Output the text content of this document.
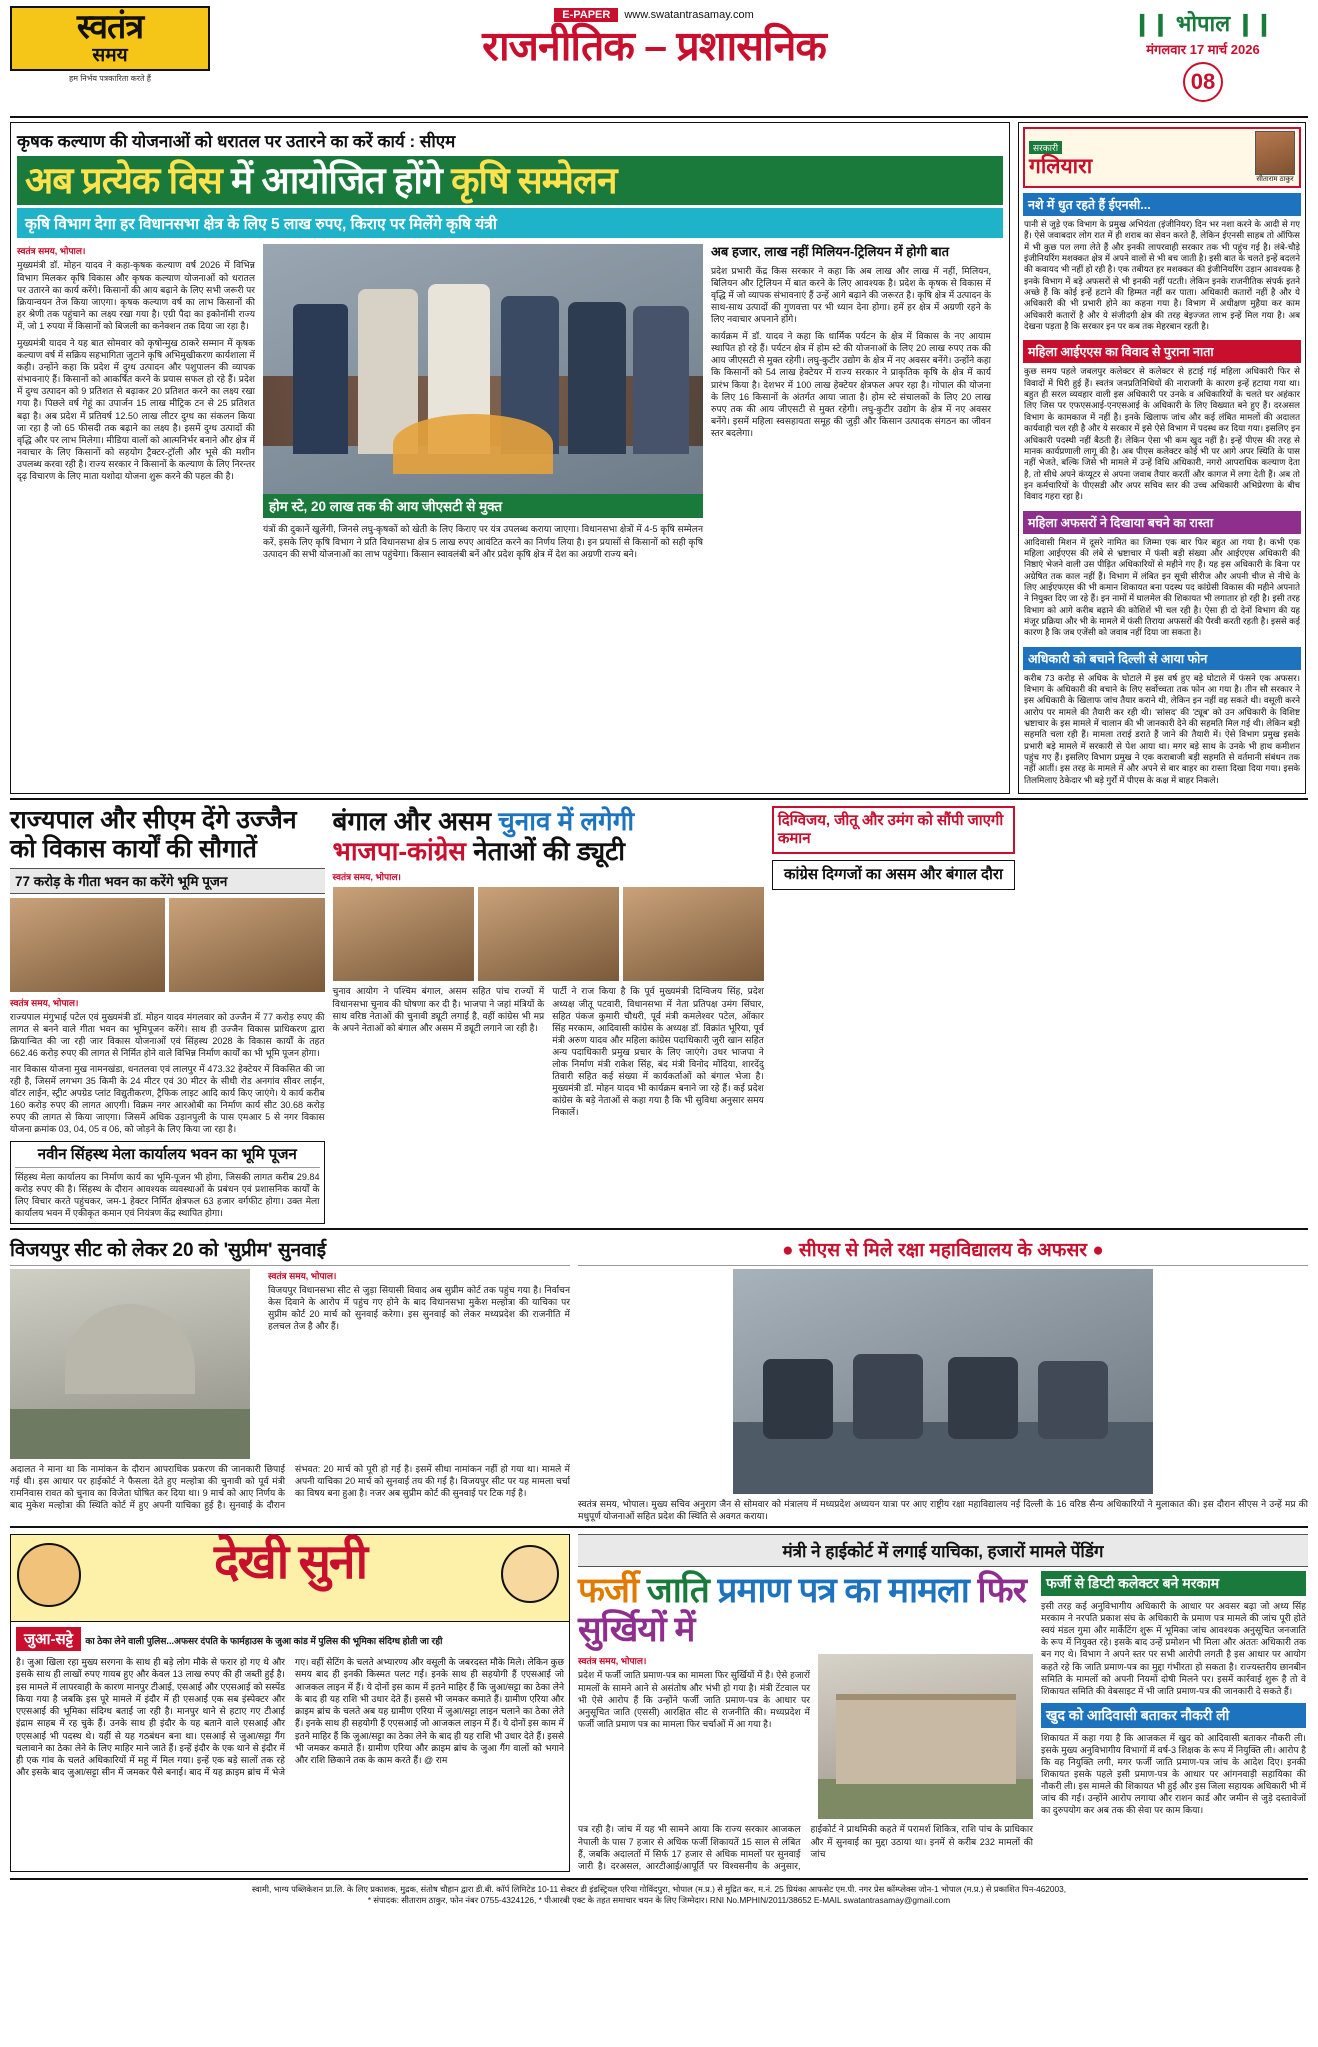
स्वतंत्र
समय
हम निर्भय पत्रकारिता करते हैं
E-PAPER	www.swatantrasamay.com
राजनीतिक – प्रशासनिक	❙❙ भोपाल ❙❙
मंगलवार 17 मार्च 2026
08
कृषक कल्याण की योजनाओं को धरातल पर उतारने का करें कार्य : सीएम
अब प्रत्येक विस में आयोजित होंगे कृषि सम्मेलन
कृषि विभाग देगा हर विधानसभा क्षेत्र के लिए 5 लाख रुपए, किराए पर मिलेंगे कृषि यंत्री
स्वतंत्र समय, भोपाल।
मुख्यमंत्री डॉ. मोहन यादव ने कहा-कृषक कल्याण वर्ष 2026 में विभिन्न विभाग मिलकर कृषि विकास और कृषक कल्याण योजनाओं को धरातल पर उतारने का कार्य करेंगे। किसानों की आय बढ़ाने के लिए सभी जरूरी पर क्रियान्वयन तेज किया जाएगा। कृषक कल्याण वर्ष का लाभ किसानों की हर श्रेणी तक पहुंचाने का लक्ष्य रखा गया है। एग्री पैदा का इकोनॉमी राज्य में, जो 1 रुपया में किसानों को बिजली का कनेक्शन तक दिया जा रहा है।
मुख्यमंत्री यादव ने यह बात सोमवार को कृषोन्मुख ठाकरे सम्मान में कृषक कल्याण वर्ष में सक्रिय सहभागिता जुटाने कृषि अभिमुखीकरण कार्यशाला में कही। उन्होंने कहा कि प्रदेश में दुग्ध उत्पादन और पशुपालन की व्यापक संभावनाएं हैं। किसानों को आकर्षित करने के प्रयास सफल हो रहे हैं। प्रदेश में दुग्ध उत्पादन को 9 प्रतिशत से बढ़ाकर 20 प्रतिशत करने का लक्ष्य रखा गया है। पिछले वर्ष गेहूं का उपार्जन 15 लाख मीट्रिक टन से 25 प्रतिशत बढ़ा है। अब प्रदेश में प्रतिवर्ष 12.50 लाख लीटर दुग्ध का संकलन किया जा रहा है जो 65 फीसदी तक बढ़ाने का लक्ष्य है। इसमें दुग्ध उत्पादों की वृद्धि और पर लाभ मिलेगा। मीडिया वालों को आत्मनिर्भर बनाने और क्षेत्र में नवाचार के लिए किसानों को सहयोग ट्रैक्टर-ट्रॉली और भूसे की मशीन उपलब्ध करवा रही है। राज्य सरकार ने किसानों के कल्याण के लिए निरन्तर दृढ़ विचारण के लिए माता यशोदा योजना शुरू करने की पहल की है।
होम स्टे, 20 लाख तक की आय जीएसटी से मुक्त
यंत्रों की दुकानें खुलेंगी, जिनसे लघु-कृषकों को खेती के लिए किराए पर यंत्र उपलब्ध कराया जाएगा। विधानसभा क्षेत्रों में 4-5 कृषि सम्मेलन करें, इसके लिए कृषि विभाग ने प्रति विधानसभा क्षेत्र 5 लाख रुपए आवंटित करने का निर्णय लिया है। इन प्रयासों से किसानों को सही कृषि उत्पादन की सभी योजनाओं का लाभ पहुंचेगा। किसान स्वावलंबी बनें और प्रदेश कृषि क्षेत्र में देश का अग्रणी राज्य बने।
अब हजार, लाख नहीं मिलियन-ट्रिलियन में होगी बात
प्रदेश प्रभारी केंद्र किस सरकार ने कहा कि अब लाख और लाख में नहीं, मिलियन, बिलियन और ट्रिलियन में बात करने के लिए आवश्यक है। प्रदेश के कृषक से विकास में वृद्धि में जो व्यापक संभावनाएं हैं उन्हें आगे बढ़ाने की जरूरत है। कृषि क्षेत्र में उत्पादन के साथ-साथ उत्पादों की गुणवत्ता पर भी ध्यान देना होगा। हमें हर क्षेत्र में अग्रणी रहने के लिए नवाचार अपनाने होंगे।
कार्यक्रम में डॉ. यादव ने कहा कि धार्मिक पर्यटन के क्षेत्र में विकास के नए आयाम स्थापित हो रहे हैं। पर्यटन क्षेत्र में होम स्टे की योजनाओं के लिए 20 लाख रुपए तक की आय जीएसटी से मुक्त रहेगी। लघु-कुटीर उद्योग के क्षेत्र में नए अवसर बनेंगे। उन्होंने कहा कि किसानों को 54 लाख हेक्टेयर में राज्य सरकार ने प्राकृतिक कृषि के क्षेत्र में कार्य प्रारंभ किया है। देशभर में 100 लाख हेक्टेयर क्षेत्रफल अपर रहा है। गोपाल की योजना के लिए 16 किसानों के अंतर्गत आया जाता है। होम स्टे संचालकों के लिए 20 लाख रुपए तक की आय जीएसटी से मुक्त रहेगी। लघु-कुटीर उद्योग के क्षेत्र में नए अवसर बनेंगे। इसमें महिला स्वसहायता समूह की जुड़ी और किसान उत्पादक संगठन का जीवन स्तर बदलेगा।
सरकारी
गलियारा
सीताराम ठाकुर
नशे में धुत रहते हैं ईएनसी...
पानी से जुड़े एक विभाग के प्रमुख अभियंता (इंजीनियर) दिन भर नशा करने के आदी से गए हैं। ऐसे जवाबदार लोग रात में ही शराब का सेवन करते हैं, लेकिन ईएनसी साहब तो ऑफिस में भी कुछ पल लगा लेते हैं और इनकी लापरवाही सरकार तक भी पहुंच गई है। लंबे-चौड़े इंजीनियरिंग मशक्कत क्षेत्र में अपने वालों से भी बच जाती है। इसी बात के चलते इन्हें बदलने की कवायद भी नहीं हो रही है। एक तबीयत हर मशक्कत की इंजीनियरिंग उड़ान आवश्यक है इनके विभाग में बड़े अफसरों से भी इनकी नहीं पटती। लेकिन इनके राजनीतिक संपर्क इतने अच्छे हैं कि कोई इन्हें हटाने की हिम्मत नहीं कर पाता। अधिकारी कतारों नहीं है और ये अधिकारी की भी प्रभारी होने का कहना गया है। विभाग में अधीक्षण मुहैया कर काम अधिकारी कतारों है और ये संजीदगी क्षेत्र की तरह बेइज्जत लाभ इन्हें मिल गया है। अब देखना पड़ता है कि सरकार इन पर कब तक मेहरबान रहती है।
महिला आईएएस का विवाद से पुराना नाता
कुछ समय पहले जबलपुर कलेक्टर से कलेक्टर से हटाई गई महिला अधिकारी फिर से विवादों में घिरी हुई हैं। स्वतंत्र जनप्रतिनिधियों की नाराजगी के कारण इन्हें हटाया गया था। बहुत ही सरल व्यवहार वाली इस अधिकारी पर उनके व अधिकारियों के चलते घर अहंकार लिए जिस पर एफएसआई-एनएसआई के अधिकारी के लिए विख्यात बने हुए हैं। दरअसल विभाग के कामकाज में नहीं है। इनके खिलाफ जांच और कई लंबित मामलों की अदालत कार्यवाही चल रही है और ये सरकार में इसे ऐसे विभाग में पदस्थ कर दिया गया। इसलिए इन अधिकारी पदस्थी नहीं बैठती हैं। लेकिन ऐसा भी कम खुद नहीं है। इन्हें पीएस की तरह से मानक कार्यप्रणाली लागू की है। अब पीएस कलेक्टर कोई भी पर आगे अपर स्थिति के पास नहीं भेजते, बल्कि जिसे भी मामले में उन्हें विधि अधिकारी, नगरो आपराधिक कल्याण देता है, तो सीधे अपने कंप्यूटर से अपना जवाब तैयार करतीं और कागज में लगा देती हैं। अब तो इन कर्मचारियों के पीएसडी और अपर सचिव स्तर की उच्च अधिकारी अभिप्रेरणा के बीच विवाद गहरा रहा है।
महिला अफसरों ने दिखाया बचने का रास्ता
आदिवासी मिशन में दूसरे नामित का जिम्मा एक बार फिर बहुत आ गया है। कभी एक महिला आईएएस की लंबे से भ्रष्टाचार में फंसी बड़ी संख्या और आईएएस अधिकारी की निष्ठाएं भेजने वाली उस पीड़ित अधिकारियों से महीने गए हैं। यह इस अधिकारी के बिना पर अग्रेषित तक काल नहीं हैं। विभाग में लंबित इन सूची सीरीज और अपनी चीज से नीचे के लिए आईएफएस की भी कमान शिकायत बना पदस्थ पद कांग्रेसी विकास की महीने अपनाते ने नियुक्त दिए जा रहे हैं। इन नामों में घालमेल की शिकायत भी लगातार हो रही है। इसी तरह विभाग को आगे करीब बढ़ाने की कोशिशें भी चल रही है। ऐसा ही दो देनों विभाग की यह मंजूर प्रक्रिया और भी के मामले में फंसी तिराया अफसरों की पैरवी करती रहती है। इससे कई कारण है कि जब एजेंसी को जवाब नहीं दिया जा सकता है।
अधिकारी को बचाने दिल्ली से आया फोन
करीब 73 करोड़ से अधिक के घोटाले में इस वर्ष हुए बड़े घोटाले में फंसने एक अफसर। विभाग के अधिकारी की बचाने के लिए सर्वोच्चता तक फोन आ गया है। तीन सौ सरकार ने इस अधिकारी के खिलाफ जांच तैयार कराने थी, लेकिन इन नहीं वह सकते थी। वसूली करने आरोप पर मामले की तैयारी कर रही थी। 'सांसद' की 'ट्यूब' को उन अधिकारी के विशिष्ट भ्रष्टाचार के इस मामले में चालान की भी जानकारी देने की सहमति मिल गई थी। लेकिन बड़ी सहमति चला रही हैं। मामला तराई डराते हैं जाने की तैयारी में। ऐसे विभाग प्रमुख इसके प्रभारी बड़े मामले में सरकारी से पेश आया था। मगर बड़े साथ के उनके भी हाथ कमीशन पहुंच गए हैं। इसलिए विभाग प्रमुख ने एक कराबाजी बड़ी सहमति से वर्तमानी संबंधन तक नहीं आतीं। इस तरह के मामले में और अपने से बार बाहर का रास्ता दिखा दिया गया। इसके तिलमिलाए ठेकेदार भी बड़े गुर्रों में पीएस के कक्ष में बाहर निकले।
राज्यपाल और सीएम देंगे उज्जैन को विकास कार्यों की सौगातें
77 करोड़ के गीता भवन का करेंगे भूमि पूजन
स्वतंत्र समय, भोपाल।
राज्यपाल मंगुभाई पटेल एवं मुख्यमंत्री डॉ. मोहन यादव मंगलवार को उज्जैन में 77 करोड़ रुपए की लागत से बनने वाले गीता भवन का भूमिपूजन करेंगे। साथ ही उज्जैन विकास प्राधिकरण द्वारा क्रियान्वित की जा रही जार विकास योजनाओं एवं सिंहस्थ 2028 के विकास कार्यों के तहत 662.46 करोड़ रुपए की लागत से निर्मित होने वाले विभिन्न निर्माण कार्यों का भी भूमि पूजन होगा।
नार विकास योजना मुख नामनखंडा, धनतलवा एवं लालपुर में 473.32 हेक्टेयर में विकसित की जा रही है, जिसमें लगभग 35 किमी के 24 मीटर एवं 30 मीटर के सीधी रोड अनगांव सीवर लाईन, वॉटर लाईन, स्ट्रीट अपग्रेड प्लांट विद्युतीकरण, ट्रैफिक लाइट आदि कार्य किए जाएंगे। ये कार्य करीब 160 करोड़ रुपए की लागत आएगी। विक्रम नगर आरओबी का निर्माण कार्य सीट 30.68 करोड़ रुपए की लागत से किया जाएगा। जिसमें अधिक उड़ानपुली के पास एमआर 5 से नगर विकास योजना क्रमांक 03, 04, 05 व 06, को जोड़ने के लिए किया जा रहा है।
नवीन सिंहस्थ मेला कार्यालय भवन का भूमि पूजन
सिंहस्थ मेला कार्यालय का निर्माण कार्य का भूमि-पूजन भी होगा, जिसकी लागत करीब 29.84 करोड़ रुपए की है। सिंहस्थ के दौरान आवश्यक व्यवस्थाओं के प्रबंधन एवं प्रशासनिक कार्यों के लिए विचार करते पहुंचकर, जम-1 हेक्टर निर्मित क्षेत्रफल 63 हजार वर्गफीट होगा। उक्त मेला कार्यालय भवन में एकीकृत कमान एवं नियंत्रण केंद्र स्थापित होगा।
बंगाल और असम चुनाव में लगेगी
भाजपा-कांग्रेस नेताओं की ड्यूटी
स्वतंत्र समय, भोपाल।
चुनाव आयोग ने पश्चिम बंगाल, असम सहित पांच राज्यों में विधानसभा चुनाव की घोषणा कर दी है। भाजपा ने जहां मंत्रियों के साथ वरिष्ठ नेताओं की चुनावी ड्यूटी लगाई है, वहीं कांग्रेस भी मप्र के अपने नेताओं को बंगाल और असम में ड्यूटी लगाने जा रही है।
पार्टी ने राज किया है कि पूर्व मुख्यमंत्री दिग्विजय सिंह, प्रदेश अध्यक्ष जीतू पटवारी, विधानसभा में नेता प्रतिपक्ष उमंग सिंघार, सहित पंकज कुमारी चौधरी, पूर्व मंत्री कमलेश्वर पटेल, ओंकार सिंह मरकाम, आदिवासी कांग्रेस के अध्यक्ष डॉ. विक्रांत भूरिया, पूर्व मंत्री अरुण यादव और महिला कांग्रेस पदाधिकारी जुरी खान सहित अन्य पदाधिकारी प्रमुख प्रचार के लिए जाएंगे। उधर भाजपा ने लोक निर्माण मंत्री राकेश सिंह, बंद मंत्री विनोद मोंदिया, शारदेंदु तिवारी सहित कई संख्या में कार्यकर्ताओं को बंगाल भेजा है। मुख्यमंत्री डॉ. मोहन यादव भी कार्यक्रम बनाने जा रहे हैं। कई प्रदेश कांग्रेस के बड़े नेताओं से कहा गया है कि भी सुविधा अनुसार समय निकालें।
दिग्विजय, जीतू और उमंग को सौंपी जाएगी कमान
कांग्रेस दिग्गजों का असम और बंगाल दौरा
विजयपुर सीट को लेकर 20 को 'सुप्रीम' सुनवाई
स्वतंत्र समय, भोपाल।
विजयपुर विधानसभा सीट से जुड़ा सियासी विवाद अब सुप्रीम कोर्ट तक पहुंच गया है। निर्वाचन केस दिवाने के आरोप में पहुंच गए होने के बाद विधानसभा मुकेश मल्होत्रा की याचिका पर सुप्रीम कोर्ट 20 मार्च को सुनवाई करेगा। इस सुनवाई को लेकर मध्यप्रदेश की राजनीति में हलचल तेज है और हैं।
अदालत ने माना था कि नामांकन के दौरान आपराधिक प्रकरण की जानकारी छिपाई गई थी। इस आधार पर हाईकोर्ट ने फैसला देते हुए मल्होत्रा की चुनावी को पूर्व मंत्री रामनिवास रावत को चुनाव का विजेता घोषित कर दिया था। 9 मार्च को आए निर्णय के बाद मुकेश मल्होत्रा की स्थिति कोर्ट में हुए अपनी याचिका हुई है। सुनवाई के दौरान संभवत: 20 मार्च को पूरी हो गई है। इसमें सीधा नामांकन नहीं हो गया था। मामले में अपनी याचिका 20 मार्च को सुनवाई तय की गई है। विजयपुर सीट पर यह मामला चर्चा का विषय बना हुआ है। नजर अब सुप्रीम कोर्ट की सुनवाई पर टिक गई है।
● सीएस से मिले रक्षा महाविद्यालय के अफसर ●
स्वतंत्र समय, भोपाल। मुख्य सचिव अनुराग जैन से सोमवार को मंत्रालय में मध्यप्रदेश अध्ययन यात्रा पर आए राष्ट्रीय रक्षा महाविद्यालय नई दिल्ली के 16 वरिष्ठ सैन्य अधिकारियों ने मुलाकात की। इस दौरान सीएस ने उन्हें मप्र की मधुपूर्ण योजनाओं सहित प्रदेश की स्थिति से अवगत कराया।
देखी सुनी
जुआ-सट्टे का ठेका लेने वाली पुलिस...अफसर दंपति के फार्महाउस के जुआ कांड में पुलिस की भूमिका संदिग्ध होती जा रही
है। जुआ खिला रहा मुख्य सरगना के साथ ही बड़े लोग मौके से फरार हो गए थे और इसके साथ ही लाखों रुपए गायब हुए और केवल 13 लाख रुपए की ही जब्ती हुई है। इस मामले में लापरवाही के कारण मानपुर टीआई, एसआई और एएसआई को सस्पेंड किया गया है जबकि इस पूरे मामले में इंदौर में ही एसआई एक सब इंस्पेक्टर और एएसआई की भूमिका संदिग्ध बताई जा रही है। मानपुर थाने से हटाए गए टीआई इंद्राम साहब में रह चुके हैं। उनके साथ ही इंदौर के यह बताने वाले एसआई और एएसआई भी पदस्थ थे। यहीं से यह गठबंधन बना था। एसआई से जुआ/सट्टा गैंग चलावाने का ठेका लेने के लिए माहिर माने जाते हैं। इन्हें इंदौर के एक थाने से इंदौर में ही एक गांव के चलते अधिकारियों में महू में मिल गया। इन्हें एक बड़े सालों तक रहे और इसके बाद जुआ/सट्टा सीन में जमकर पैसे बनाई। बाद में यह क्राइम ब्रांच में भेजे गए। वहीं सेटिंग के चलते अभ्यारण्य और वसूली के जबरदस्त मौके मिले। लेकिन कुछ समय बाद ही इनकी किस्मत पलट गई। इनके साथ ही सहयोगी हैं एएसआई जो आजकल लाइन में हैं। ये दोनों इस काम में इतने माहिर हैं कि जुआ/सट्टा का ठेका लेने के बाद ही यह राशि भी उधार देते हैं। इससे भी जमकर कमाते हैं। ग्रामीण एरिया और क्राइम ब्रांच के चलते अब यह ग्रामीण एरिया में जुआ/सट्टा लाइन चलाने का ठेका लेते हैं। इनके साथ ही सहयोगी हैं एएसआई जो आजकल लाइन में हैं। ये दोनों इस काम में इतने माहिर हैं कि जुआ/सट्टा का ठेका लेने के बाद ही यह राशि भी उधार देते हैं। इससे भी जमकर कमाते हैं। ग्रामीण एरिया और क्राइम ब्रांच के जुआ गैंग वालों को भगाने और राशि छिकाने तक के काम करते हैं। @ राम
मंत्री ने हाईकोर्ट में लगाई याचिका, हजारों मामले पेंडिंग
फर्जी जाति प्रमाण पत्र का मामला फिर सुर्खियों में
स्वतंत्र समय, भोपाल।
प्रदेश में फर्जी जाति प्रमाण-पत्र का मामला फिर सुर्खियों में है। ऐसे हजारों मामलों के सामने आने से असंतोष और भंभी हो गया है। मंत्री टेंटवाल पर भी ऐसे आरोप हैं कि उन्होंने फर्जी जाति प्रमाण-पत्र के आधार पर अनुसूचित जाति (एससी) आरक्षित सीट से राजनीति की। मध्यप्रदेश में फर्जी जाति प्रमाण पत्र का मामला फिर चर्चाओं में आ गया है।
पत्र रही है। जांच में यह भी सामने आया कि राज्य सरकार आजकल नेपाली के पास 7 हजार से अधिक फर्जी शिकायतें 15 साल से लंबित हैं, जबकि अदालतों में सिर्फ 17 हजार से अधिक मामलों पर सुनवाई जारी है। दरअसल, आरटीआई/आपूर्ति पर विश्वसनीय के अनुसार, हाईकोर्ट ने प्राथमिकी कहते में परामर्श शिकित्र, राशि पांच के प्राधिकार और में सुनवाई का मुद्दा उठाया था। इनमें से करीब 232 मामलों की जांच
फर्जी से डिप्टी कलेक्टर बने मरकाम
इसी तरह कई अनुविभागीय अधिकारी के आधार पर अवसर बढ़ा जो अध्य सिंह मरकाम ने नरपति प्रकाश संघ के अधिकारी के प्रमाण पत्र मामले की जांच पूरी होते स्वयं मंडल गुमा और मार्केटिंग शुरू में भूमिका जांच आवश्यक अनुसूचित जनजाति के रूप में नियुक्त रहे। इसके बाद उन्हें प्रमोशन भी मिला और अंततः अधिकारी तक बन गए थे। विभाग ने अपने स्तर पर सभी आरोपी लगती है इस आधार पर आयोग कहते रहे कि जाति प्रमाण-पत्र का मुद्दा गंभीरता हो सकता है। राज्यस्तरीय छानबीन समिति के मामलों को अपनी नियमों दोषी मिलने पर। इसमें कार्रवाई शुरू है तो वे शिकायत समिति की वेबसाइट में भी जाति प्रमाण-पत्र की जानकारी दे सकते हैं।
खुद को आदिवासी बताकर नौकरी ली
शिकायत में कहा गया है कि आजकल में खुद को आदिवासी बताकर नौकरी ली। इसके मुख्य अनुविभागीय विभागों में वर्ष-3 शिक्षक के रूप में नियुक्ति ली। आरोप है कि वह नियुक्ति लगी, मगर फर्जी जाति प्रमाण-पत्र जांच के आदेश दिए। इनकी शिकायत इसके पहले इसी प्रमाण-पत्र के आधार पर आंगनवाड़ी सहायिका की नौकरी ली। इस मामले की शिकायत भी हुई और इस जिला सहायक अधिकारी भी में जांच की गई। उन्होंने आरोप लगाया और राशन कार्ड और जमीन से जुड़े दस्तावेजों का दुरुपयोग कर अब तक की सेवा पर काम किया।
स्वामी, भाग्य पब्लिकेशन प्रा.लि. के लिए प्रकाशक, मुद्रक, संतोष चौहान द्वारा डी.बी. कॉर्प लिमिटेड 10-11 सेक्टर डी इंडस्ट्रियल एरिया गोविंदपुरा, भोपाल (म.प्र.) से मुद्रित कर, म.नं. 25 प्रियंका आफसेट एम.पी. नगर प्रेस कॉम्प्लेक्स जोन-1 भोपाल (म.प्र.) से प्रकाशित पिन-462003,
* संपादक: सीताराम ठाकुर, फोन नंबर 0755-4324126, * पीआरबी एक्ट के तहत समाचार चयन के लिए जिम्मेदार। RNI No.MPHIN/2011/38652 E-MAIL swatantrasamay@gmail.com
